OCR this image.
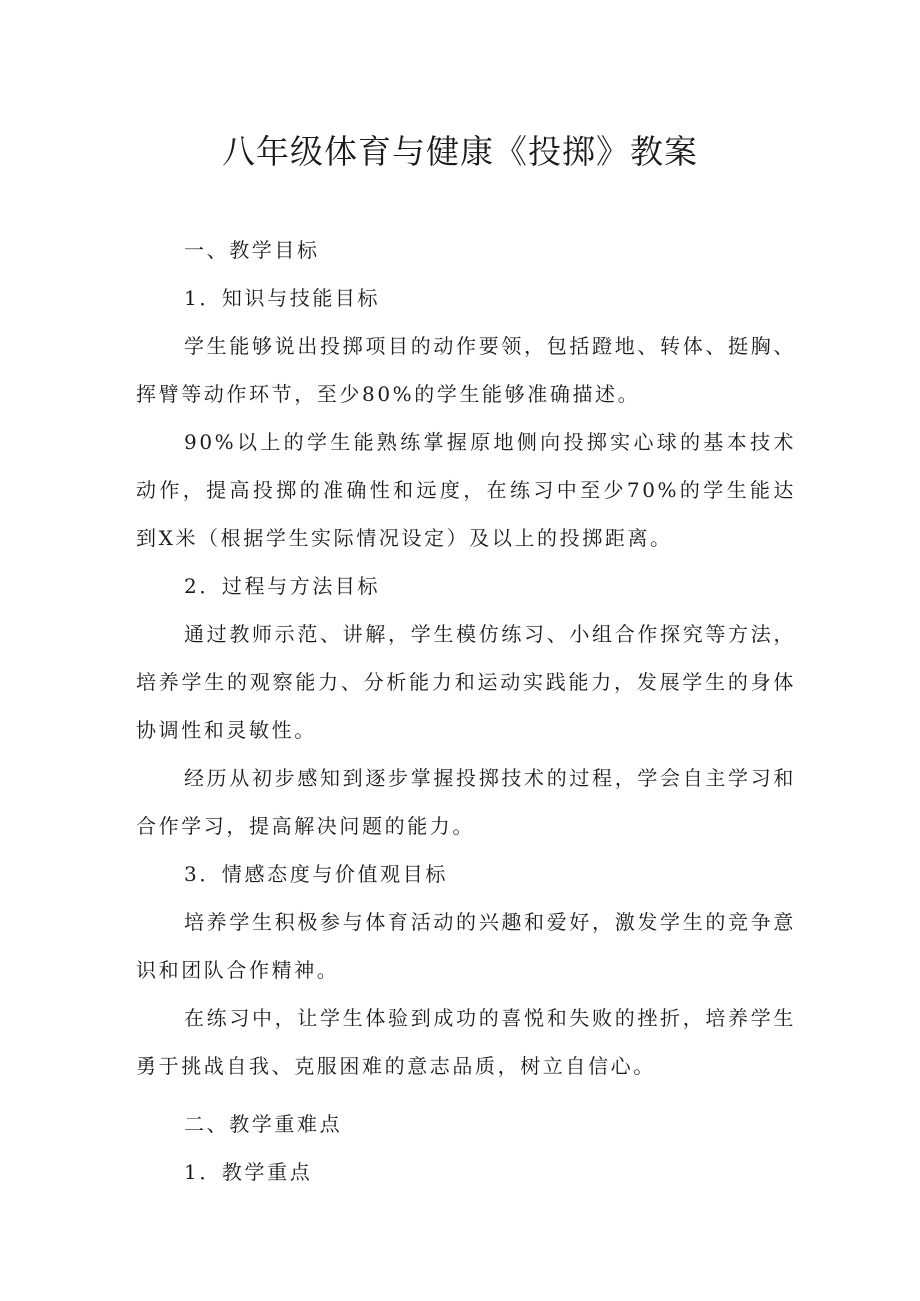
八年级体育与健康《投掷》教案

一、教学目标

1．知识与技能目标

学生能够说出投掷项目的动作要领，包括蹬地、转体、挺胸、挥臂等动作环节，至少80%的学生能够准确描述。

90%以上的学生能熟练掌握原地侧向投掷实心球的基本技术动作，提高投掷的准确性和远度，在练习中至少70%的学生能达到X米（根据学生实际情况设定）及以上的投掷距离。

2．过程与方法目标

通过教师示范、讲解，学生模仿练习、小组合作探究等方法，培养学生的观察能力、分析能力和运动实践能力，发展学生的身体协调性和灵敏性。

经历从初步感知到逐步掌握投掷技术的过程，学会自主学习和合作学习，提高解决问题的能力。

3．情感态度与价值观目标

培养学生积极参与体育活动的兴趣和爱好，激发学生的竞争意识和团队合作精神。

在练习中，让学生体验到成功的喜悦和失败的挫折，培养学生勇于挑战自我、克服困难的意志品质，树立自信心。

二、教学重难点

1．教学重点
